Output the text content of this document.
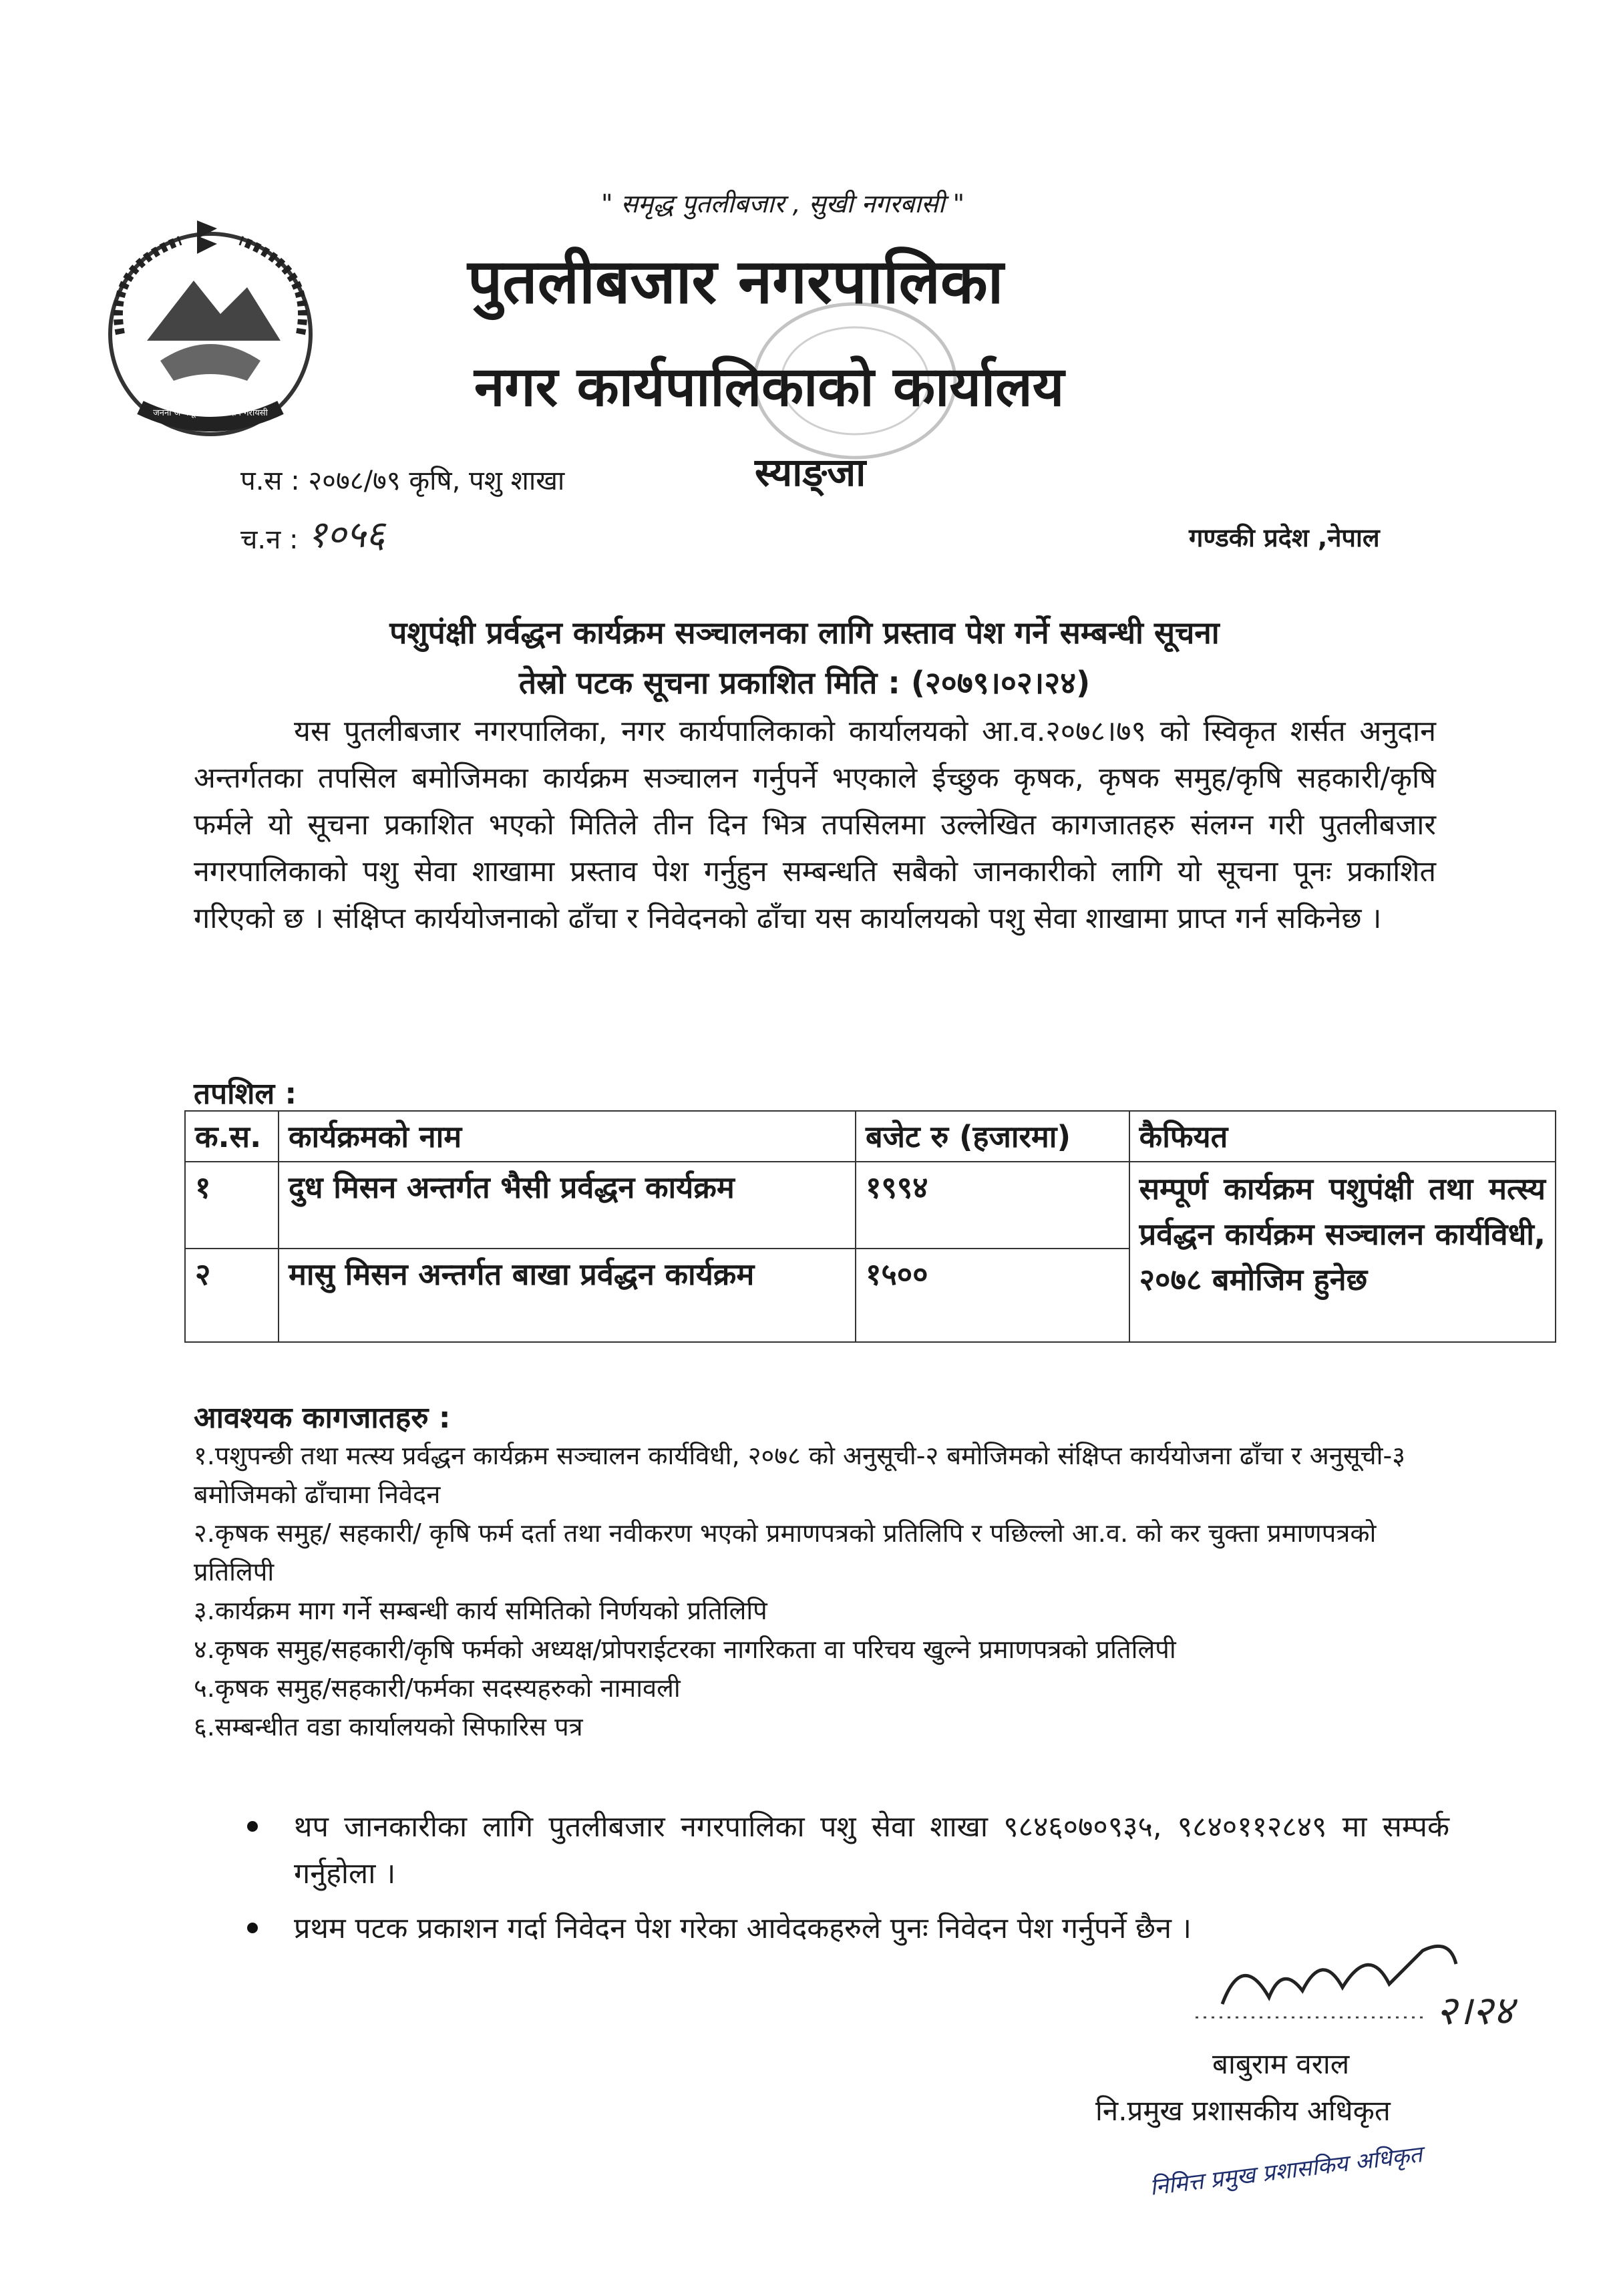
जननी जन्मभूमिश्च स्वर्गादपि गरीयसी
" समृद्ध पुतलीबजार , सुखी नगरबासी "
पुतलीबजार नगरपालिका
नगर कार्यपालिकाको कार्यालय
स्याङ्जा
प.स : २०७८/७९ कृषि, पशु शाखा
च.न : १०५६	गण्डकी प्रदेश ,नेपाल
पशुपंक्षी प्रर्वद्धन कार्यक्रम सञ्चालनका लागि प्रस्ताव पेश गर्ने सम्बन्धी सूचना
तेस्रो पटक सूचना प्रकाशित मिति : (२०७९।०२।२४)
यस पुतलीबजार नगरपालिका, नगर कार्यपालिकाको कार्यालयको आ.व.२०७८।७९ को स्विकृत शर्सत अनुदान अन्तर्गतका तपसिल बमोजिमका कार्यक्रम सञ्चालन गर्नुपर्ने भएकाले ईच्छुक कृषक, कृषक समुह/कृषि सहकारी/कृषि फर्मले यो सूचना प्रकाशित भएको मितिले तीन दिन भित्र तपसिलमा उल्लेखित कागजातहरु संलग्न गरी पुतलीबजार नगरपालिकाको पशु सेवा शाखामा प्रस्ताव पेश गर्नुहुन सम्बन्धति सबैको जानकारीको लागि यो सूचना पूनः प्रकाशित गरिएको छ । संक्षिप्त कार्ययोजनाको ढाँचा र निवेदनको ढाँचा यस कार्यालयको पशु सेवा शाखामा प्राप्त गर्न सकिनेछ ।
तपशिल :
क.स.	कार्यक्रमको नाम	बजेट रु (हजारमा)	कैफियत
१	दुध मिसन अन्तर्गत भैसी प्रर्वद्धन कार्यक्रम	१९९४	सम्पूर्ण कार्यक्रम पशुपंक्षी तथा मत्स्य प्रर्वद्धन कार्यक्रम सञ्चालन कार्यविधी, २०७८ बमोजिम हुनेछ
२	मासु मिसन अन्तर्गत बाखा प्रर्वद्धन कार्यक्रम	१५००	
आवश्यक कागजातहरु :
१.पशुपन्छी तथा मत्स्य प्रर्वद्धन कार्यक्रम सञ्चालन कार्यविधी, २०७८ को अनुसूची-२ बमोजिमको संक्षिप्त कार्ययोजना ढाँचा र अनुसूची-३ बमोजिमको ढाँचामा निवेदन
२.कृषक समुह/ सहकारी/ कृषि फर्म दर्ता तथा नवीकरण भएको प्रमाणपत्रको प्रतिलिपि र पछिल्लो आ.व. को कर चुक्ता प्रमाणपत्रको प्रतिलिपी
३.कार्यक्रम माग गर्ने सम्बन्धी कार्य समितिको निर्णयको प्रतिलिपि
४.कृषक समुह/सहकारी/कृषि फर्मको अध्यक्ष/प्रोपराईटरका नागरिकता वा परिचय खुल्ने प्रमाणपत्रको प्रतिलिपी
५.कृषक समुह/सहकारी/फर्मका सदस्यहरुको नामावली
६.सम्बन्धीत वडा कार्यालयको सिफारिस पत्र
थप जानकारीका लागि पुतलीबजार नगरपालिका पशु सेवा शाखा ९८४६०७०९३५, ९८४०११२८४९ मा सम्पर्क गर्नुहोला ।
प्रथम पटक प्रकाशन गर्दा निवेदन पेश गरेका आवेदकहरुले पुनः निवेदन पेश गर्नुपर्ने छैन ।
२।२४
बाबुराम वराल
नि.प्रमुख प्रशासकीय अधिकृत
निमित्त प्रमुख प्रशासकिय अधिकृत
